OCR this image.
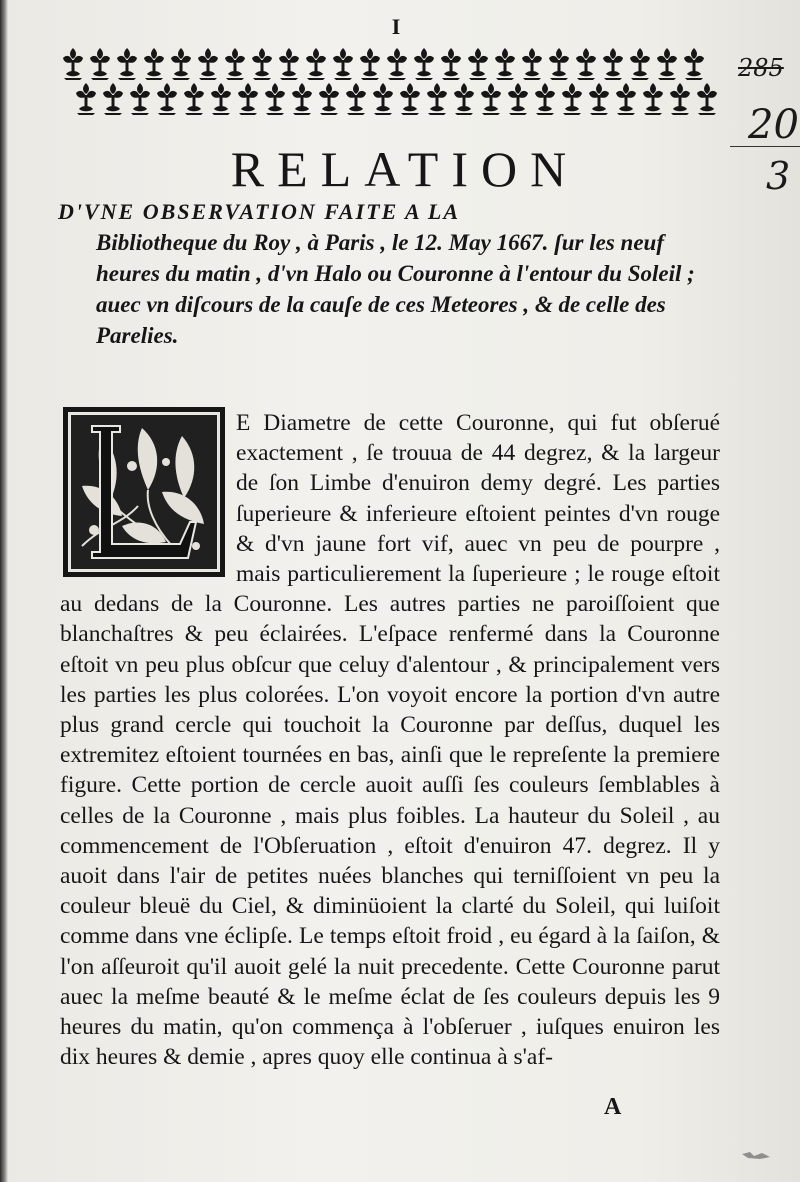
I
285
20
3
RELATION
D'VNE OBSERVATION FAITE A LA
Bibliotheque du Roy , à Paris , le 12. May 1667. ſur les neuf heures du matin , d'vn Halo ou Couronne à l'entour du Soleil ; auec vn diſcours de la cauſe de ces Meteores , & de celle des Parelies.
E Diametre de cette Couronne, qui fut obſerué exactement , ſe trouua de 44 degrez, & la largeur de ſon Limbe d'enuiron demy degré. Les parties ſuperieure & inferieure eſtoient peintes d'vn rouge & d'vn jaune fort vif, auec vn peu de pourpre , mais particulierement la ſuperieure ; le rouge eſtoit au dedans de la Couronne. Les autres parties ne paroiſſoient que blanchaſtres & peu éclairées. L'eſpace renfermé dans la Couronne eſtoit vn peu plus obſcur que celuy d'alentour , & principalement vers les parties les plus colorées. L'on voyoit encore la portion d'vn autre plus grand cercle qui touchoit la Couronne par deſſus, duquel les extremitez eſtoient tournées en bas, ainſi que le repreſente la premiere figure. Cette portion de cercle auoit auſſi ſes couleurs ſemblables à celles de la Couronne , mais plus foibles. La hauteur du Soleil , au commencement de l'Obſeruation , eſtoit d'enuiron 47. degrez. Il y auoit dans l'air de petites nuées blanches qui terniſſoient vn peu la couleur bleuë du Ciel, & diminüoient la clarté du Soleil, qui luiſoit comme dans vne éclipſe. Le temps eſtoit froid , eu égard à la ſaiſon, & l'on aſſeuroit qu'il auoit gelé la nuit precedente. Cette Couronne parut auec la meſme beauté & le meſme éclat de ſes couleurs depuis les 9 heures du matin, qu'on commença à l'obſeruer , iuſques enuiron les dix heures & demie , apres quoy elle continua à s'af-
A
